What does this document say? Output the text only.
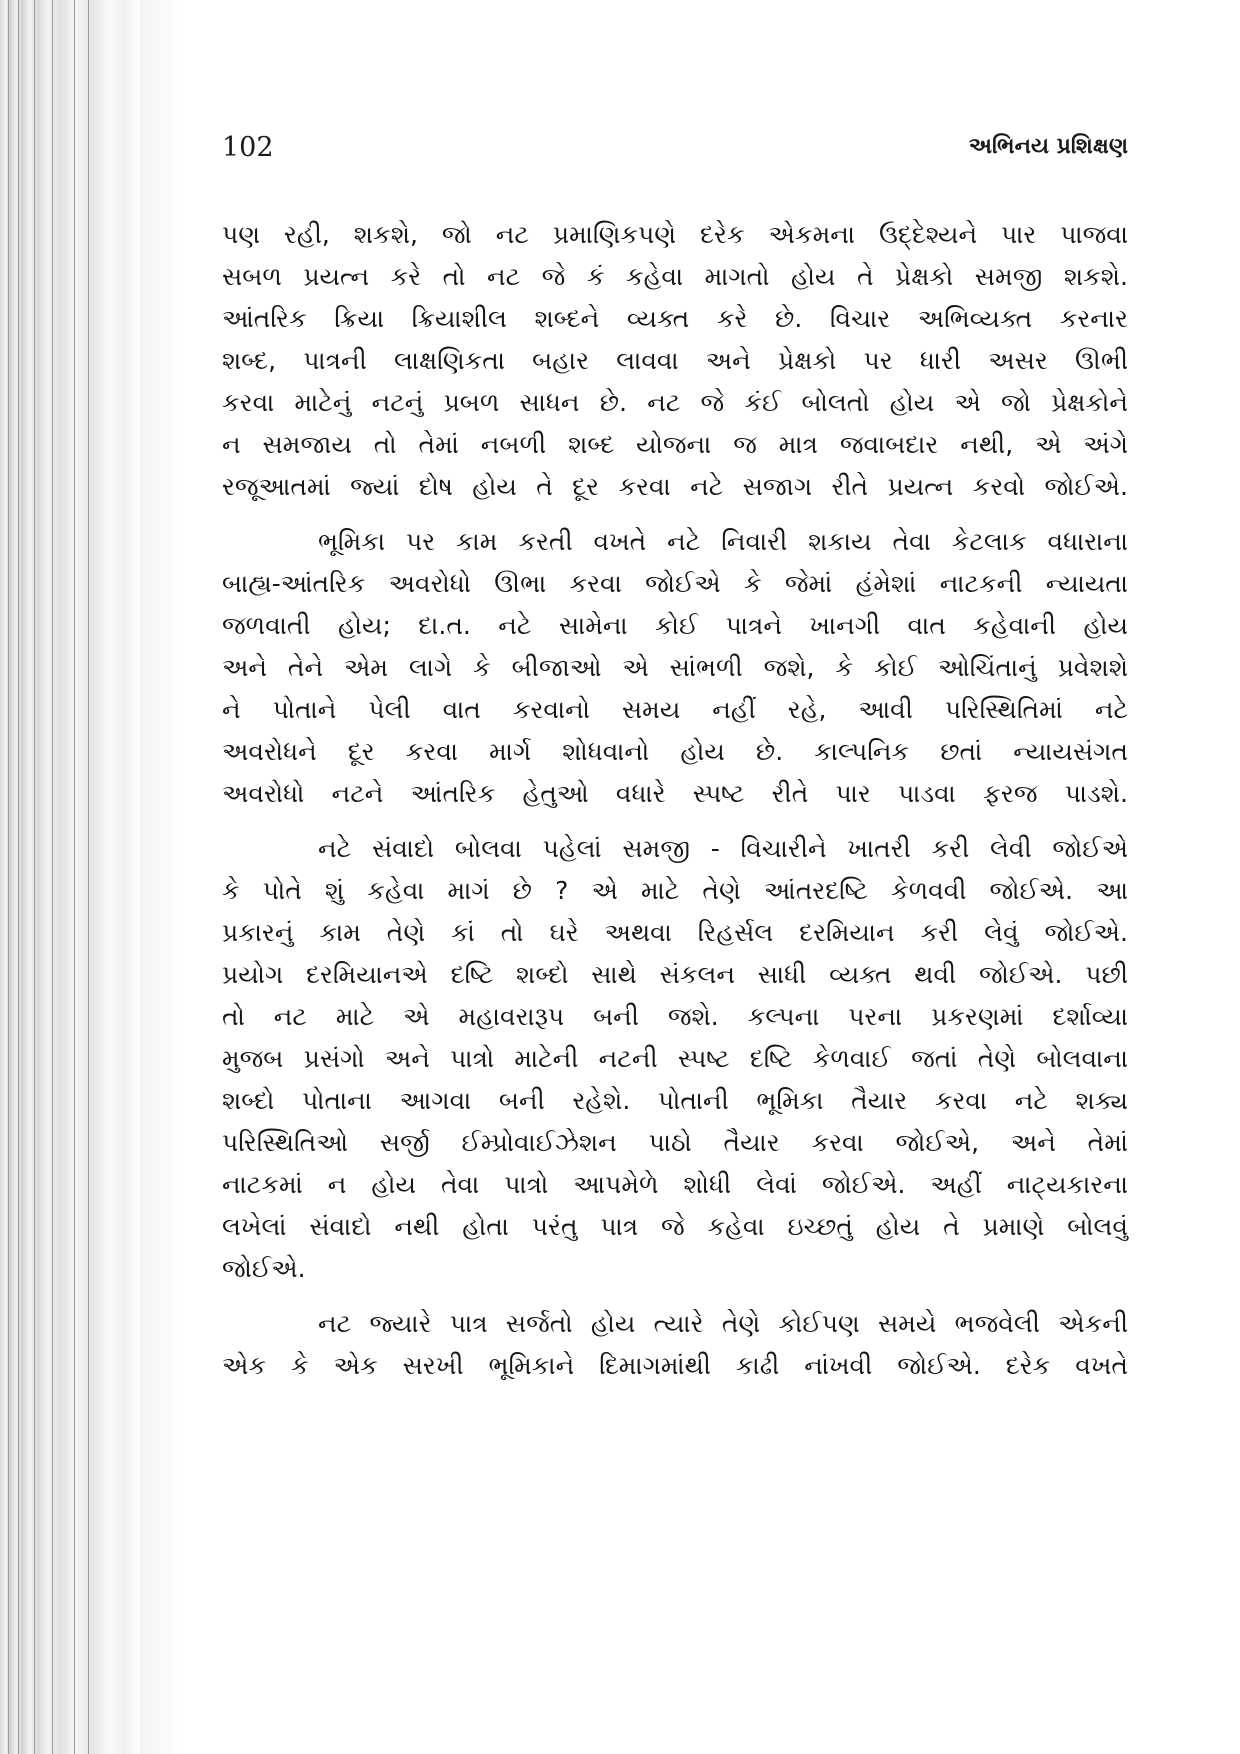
102	અભિનય પ્રશિક્ષણ
પણ રહી, શકશે, જો નટ પ્રમાણિકપણે દરેક એકમના ઉદ્દેશ્યને પાર પાજવા
સબળ પ્રયત્ન કરે તો નટ જે કં કહેવા માગતો હોય તે પ્રેક્ષકો સમજી શકશે.
આંતરિક ક્રિયા ક્રિયાશીલ શબ્દને વ્યક્ત કરે છે. વિચાર અભિવ્યક્ત કરનાર
શબ્દ, પાત્રની લાક્ષણિકતા બહાર લાવવા અને પ્રેક્ષકો પર ધારી અસર ઊભી
કરવા માટેનું નટનું પ્રબળ સાધન છે. નટ જે કંઈ બોલતો હોય એ જો પ્રેક્ષકોને
ન સમજાય તો તેમાં નબળી શબ્દ યોજના જ માત્ર જવાબદાર નથી, એ અંગે
રજૂઆતમાં જ્યાં દોષ હોય તે દૂર કરવા નટે સજાગ રીતે પ્રયત્ન કરવો જોઈએ.
ભૂમિકા પર કામ કરતી વખતે નટે નિવારી શકાય તેવા કેટલાક વધારાના
બાહ્ય-આંતરિક અવરોધો ઊભા કરવા જોઈએ કે જેમાં હંમેશાં નાટકની ન્યાયતા
જળવાતી હોય; દા.ત. નટે સામેના કોઈ પાત્રને ખાનગી વાત કહેવાની હોય
અને તેને એમ લાગે કે બીજાઓ એ સાંભળી જશે, કે કોઈ ઓચિંતાનું પ્રવેશશે
ને પોતાને પેલી વાત કરવાનો સમય નહીં રહે, આવી પરિસ્થિતિમાં નટે
અવરોધને દૂર કરવા માર્ગ શોધવાનો હોય છે. કાલ્પનિક છતાં ન્યાયસંગત
અવરોધો નટને આંતરિક હેતુઓ વધારે સ્પષ્ટ રીતે પાર પાડવા ફરજ પાડશે.
નટે સંવાદો બોલવા પહેલાં સમજી - વિચારીને ખાતરી કરી લેવી જોઈએ
કે પોતે શું કહેવા માગં છે ? એ માટે તેણે આંતરદષ્ટિ કેળવવી જોઈએ. આ
પ્રકારનું કામ તેણે કાં તો ઘરે અથવા રિહર્સલ દરમિયાન કરી લેવું જોઈએ.
પ્રયોગ દરમિયાનએ દષ્ટિ શબ્દો સાથે સંકલન સાધી વ્યક્ત થવી જોઈએ. પછી
તો નટ માટે એ મહાવરારૂપ બની જશે. કલ્પના પરના પ્રકરણમાં દર્શાવ્યા
મુજબ પ્રસંગો અને પાત્રો માટેની નટની સ્પષ્ટ દષ્ટિ કેળવાઈ જતાં તેણે બોલવાના
શબ્દો પોતાના આગવા બની રહેશે. પોતાની ભૂમિકા તૈયાર કરવા નટે શક્ય
પરિસ્થિતિઓ સર્જી ઈમ્પ્રોવાઈઝેશન પાઠો તૈયાર કરવા જોઈએ, અને તેમાં
નાટકમાં ન હોય તેવા પાત્રો આપમેળે શોધી લેવાં જોઈએ. અહીં નાટ્યકારના
લખેલાં સંવાદો નથી હોતા પરંતુ પાત્ર જે કહેવા ઇચ્છતું હોય તે પ્રમાણે બોલવું
જોઈએ.
નટ જ્યારે પાત્ર સર્જતો હોય ત્યારે તેણે કોઈપણ સમયે ભજવેલી એકની
એક કે એક સરખી ભૂમિકાને દિમાગમાંથી કાઢી નાંખવી જોઈએ. દરેક વખતે
